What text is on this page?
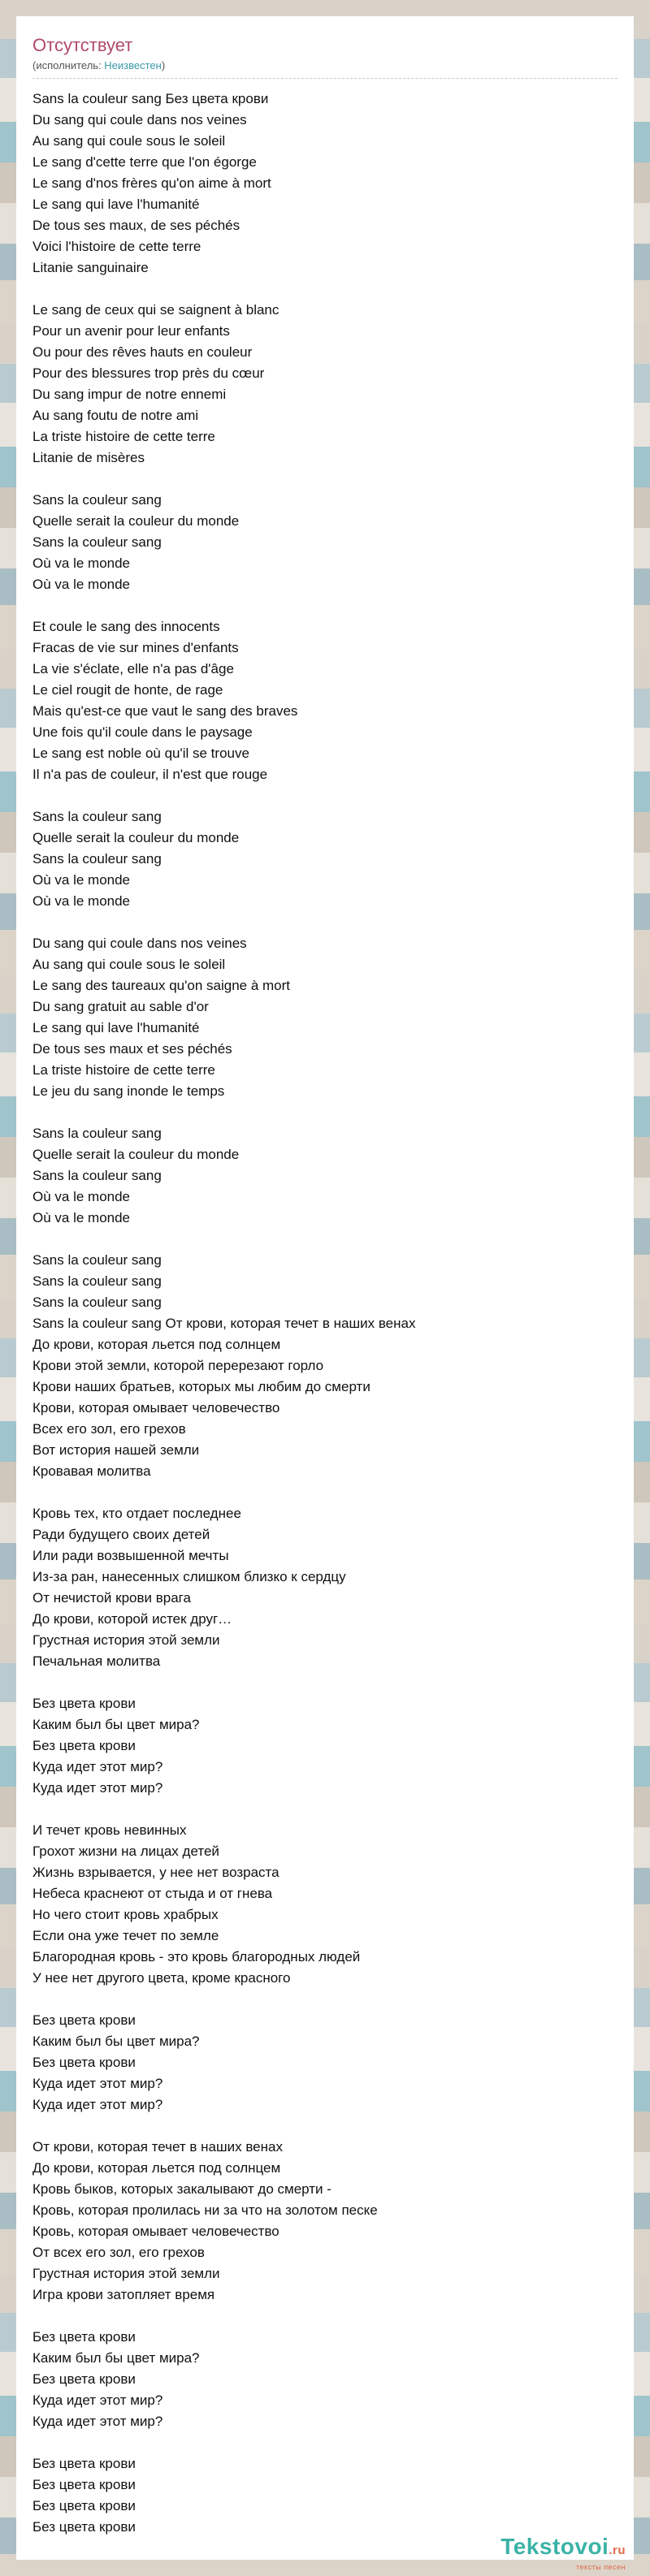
Отсутствует
(исполнитель: Неизвестен)
Sans la couleur sang Без цвета крови
Du sang qui coule dans nos veines
Au sang qui coule sous le soleil
Le sang d'cette terre que l'on égorge
Le sang d'nos frères qu'on aime à mort
Le sang qui lave l'humanité
De tous ses maux, de ses péchés
Voici l'histoire de cette terre
Litanie sanguinaire
Le sang de ceux qui se saignent à blanc
Pour un avenir pour leur enfants
Ou pour des rêves hauts en couleur
Pour des blessures trop près du cœur
Du sang impur de notre ennemi
Au sang foutu de notre ami
La triste histoire de cette terre
Litanie de misères
Sans la couleur sang
Quelle serait la couleur du monde
Sans la couleur sang
Où va le monde
Où va le monde
Et coule le sang des innocents
Fracas de vie sur mines d'enfants
La vie s'éclate, elle n'a pas d'âge
Le ciel rougit de honte, de rage
Mais qu'est-ce que vaut le sang des braves
Une fois qu'il coule dans le paysage
Le sang est noble où qu'il se trouve
Il n'a pas de couleur, il n'est que rouge
Sans la couleur sang
Quelle serait la couleur du monde
Sans la couleur sang
Où va le monde
Où va le monde
Du sang qui coule dans nos veines
Au sang qui coule sous le soleil
Le sang des taureaux qu'on saigne à mort
Du sang gratuit au sable d'or
Le sang qui lave l'humanité
De tous ses maux et ses péchés
La triste histoire de cette terre
Le jeu du sang inonde le temps
Sans la couleur sang
Quelle serait la couleur du monde
Sans la couleur sang
Où va le monde
Où va le monde
Sans la couleur sang
Sans la couleur sang
Sans la couleur sang
Sans la couleur sang От крови, которая течет в наших венах
До крови, которая льется под солнцем
Крови этой земли, которой перерезают горло
Крови наших братьев, которых мы любим до смерти
Крови, которая омывает человечество
Всех его зол, его грехов
Вот история нашей земли
Кровавая молитва
Кровь тех, кто отдает последнее
Ради будущего своих детей
Или ради возвышенной мечты
Из-за ран, нанесенных слишком близко к сердцу
От нечистой крови врага
До крови, которой истек друг…
Грустная история этой земли
Печальная молитва
Без цвета крови
Каким был бы цвет мира?
Без цвета крови
Куда идет этот мир?
Куда идет этот мир?
И течет кровь невинных
Грохот жизни на лицах детей
Жизнь взрывается, у нее нет возраста
Небеса краснеют от стыда и от гнева
Но чего стоит кровь храбрых
Если она уже течет по земле
Благородная кровь - это кровь благородных людей
У нее нет другого цвета, кроме красного
Без цвета крови
Каким был бы цвет мира?
Без цвета крови
Куда идет этот мир?
Куда идет этот мир?
От крови, которая течет в наших венах
До крови, которая льется под солнцем
Кровь быков, которых закалывают до смерти -
Кровь, которая пролилась ни за что на золотом песке
Кровь, которая омывает человечество
От всех его зол, его грехов
Грустная история этой земли
Игра крови затопляет время
Без цвета крови
Каким был бы цвет мира?
Без цвета крови
Куда идет этот мир?
Куда идет этот мир?
Без цвета крови
Без цвета крови
Без цвета крови
Без цвета крови
Tekstovoi.ru
тексты песен
